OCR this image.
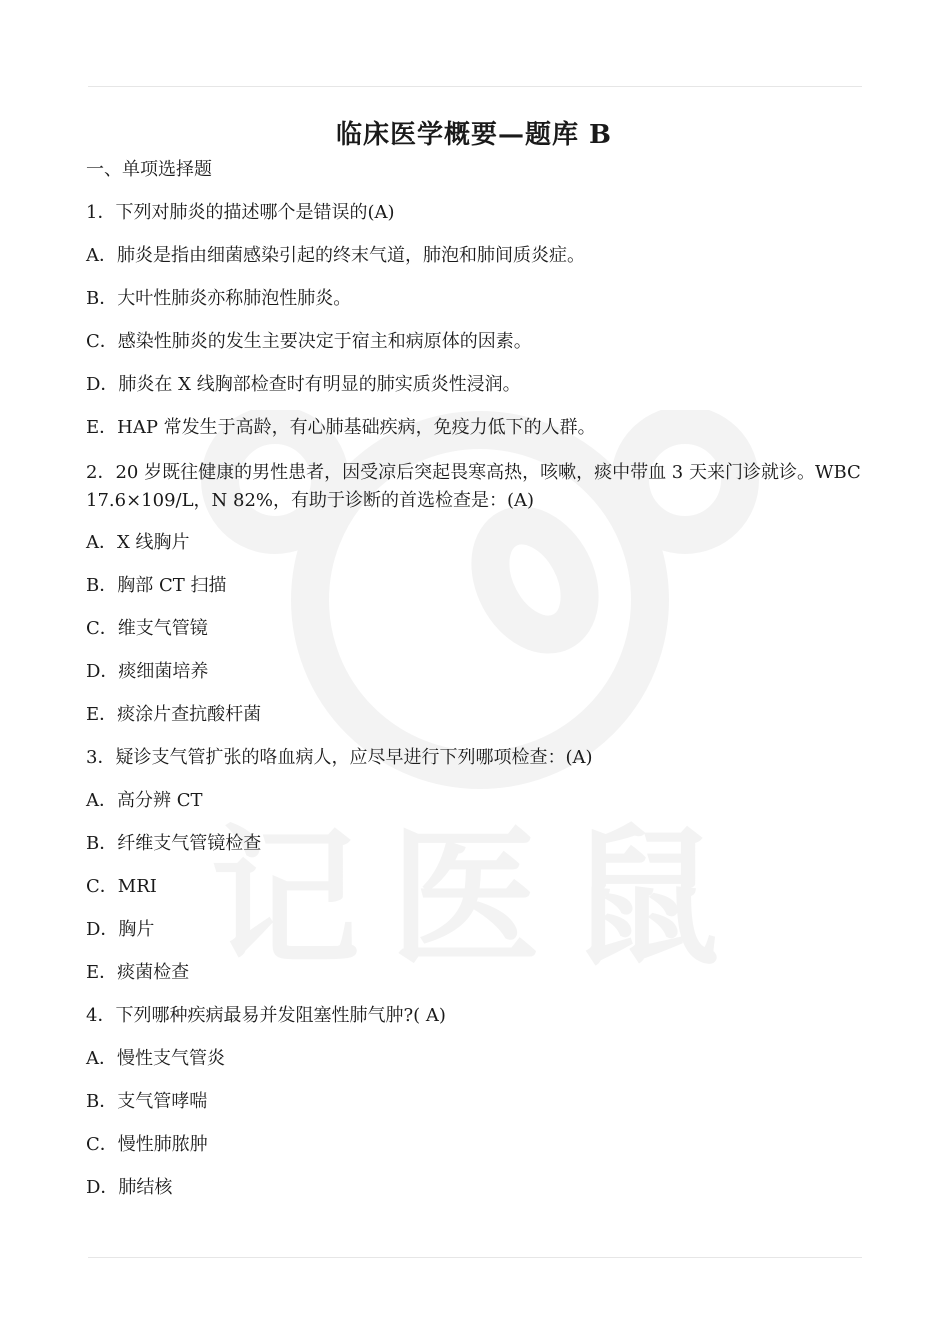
记医鼠
临床医学概要—题库 B
一、单项选择题
1．下列对肺炎的描述哪个是错误的(A)
A．肺炎是指由细菌感染引起的终末气道，肺泡和肺间质炎症。
B．大叶性肺炎亦称肺泡性肺炎。
C．感染性肺炎的发生主要决定于宿主和病原体的因素。
D．肺炎在 X 线胸部检查时有明显的肺实质炎性浸润。
E．HAP 常发生于高龄，有心肺基础疾病，免疫力低下的人群。
2．20 岁既往健康的男性患者，因受凉后突起畏寒高热，咳嗽，痰中带血 3 天来门诊就诊。WBC 17.6×109/L，N 82%，有助于诊断的首选检查是：(A)
A．X 线胸片
B．胸部 CT 扫描
C．维支气管镜
D．痰细菌培养
E．痰涂片查抗酸杆菌
3．疑诊支气管扩张的咯血病人，应尽早进行下列哪项检查：(A)
A．高分辨 CT
B．纤维支气管镜检查
C．MRI
D．胸片
E．痰菌检查
4．下列哪种疾病最易并发阻塞性肺气肿?( A)
A．慢性支气管炎
B．支气管哮喘
C．慢性肺脓肿
D．肺结核
